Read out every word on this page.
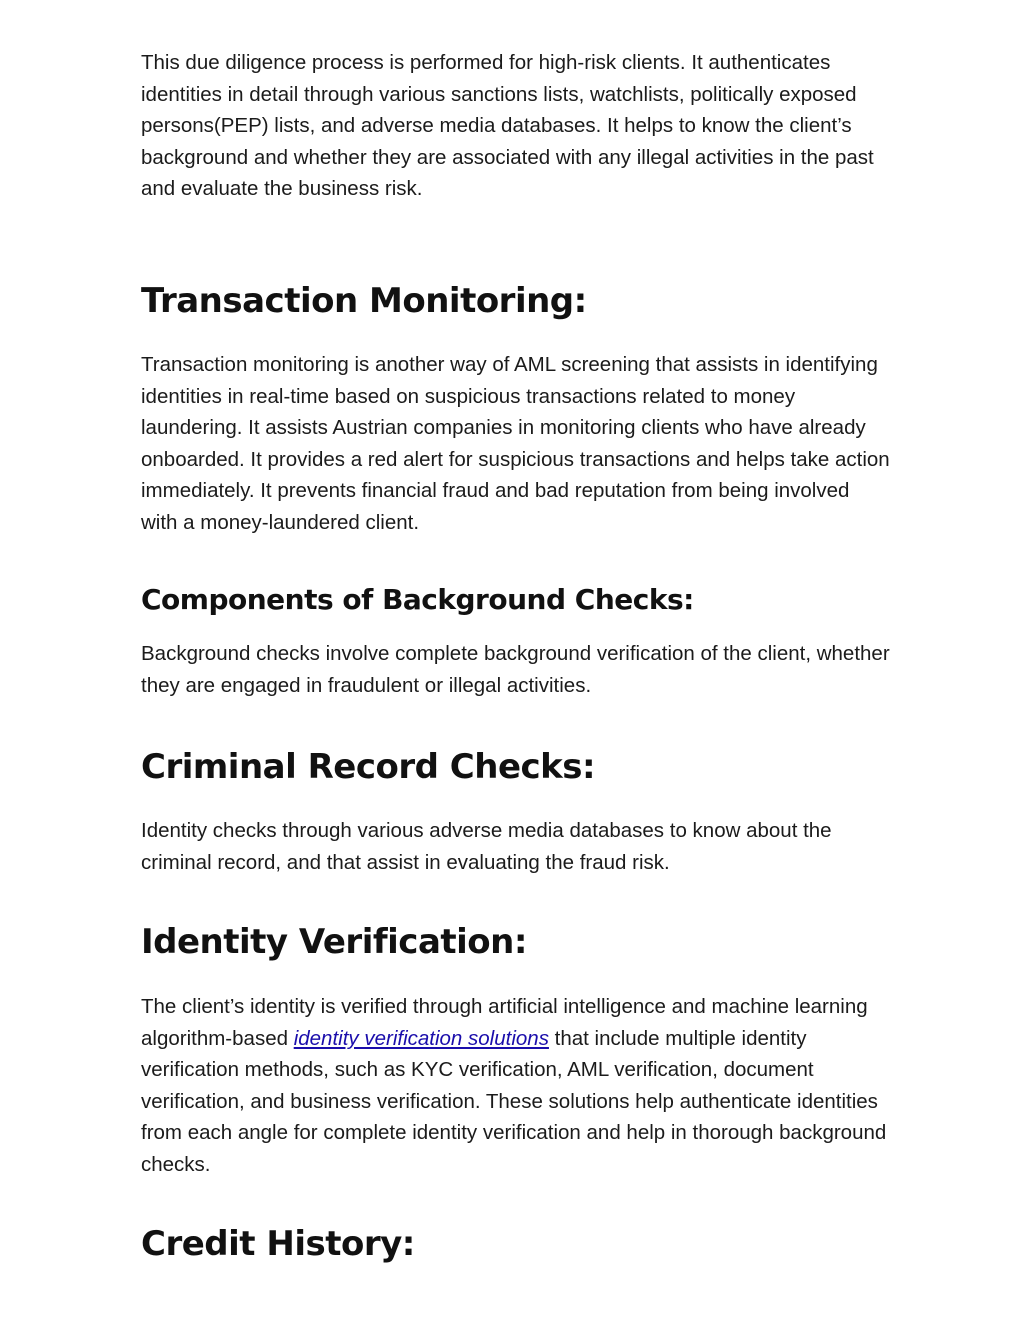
This due diligence process is performed for high-risk clients. It authenticates identities in detail through various sanctions lists, watchlists, politically exposed persons(PEP) lists, and adverse media databases. It helps to know the client’s background and whether they are associated with any illegal activities in the past and evaluate the business risk.

Transaction Monitoring:

Transaction monitoring is another way of AML screening that assists in identifying identities in real-time based on suspicious transactions related to money laundering. It assists Austrian companies in monitoring clients who have already onboarded. It provides a red alert for suspicious transactions and helps take action immediately. It prevents financial fraud and bad reputation from being involved with a money-laundered client.

Components of Background Checks:

Background checks involve complete background verification of the client, whether they are engaged in fraudulent or illegal activities.

Criminal Record Checks:

Identity checks through various adverse media databases to know about the criminal record, and that assist in evaluating the fraud risk.

Identity Verification:

The client’s identity is verified through artificial intelligence and machine learning algorithm-based identity verification solutions that include multiple identity verification methods, such as KYC verification, AML verification, document verification, and business verification. These solutions help authenticate identities from each angle for complete identity verification and help in thorough background checks.

Credit History:
